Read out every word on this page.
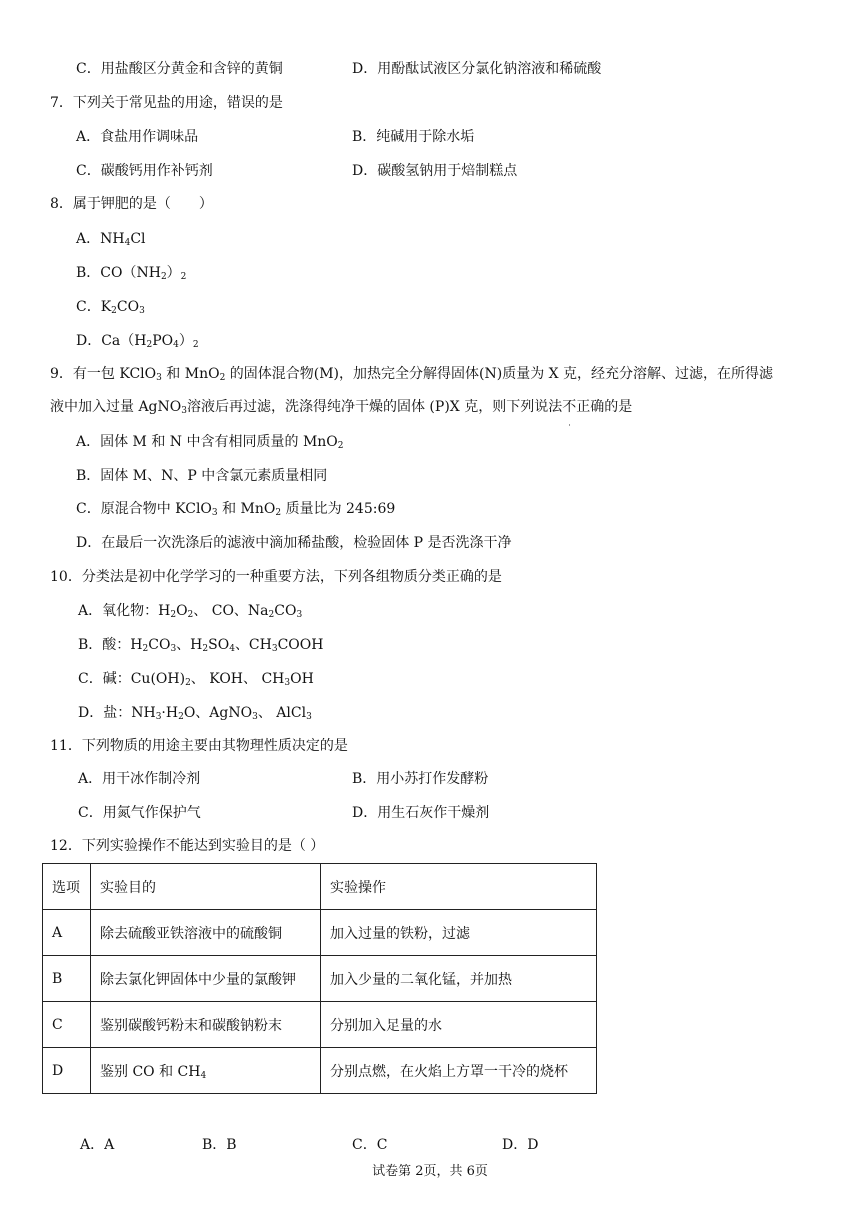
C．用盐酸区分黄金和含锌的黄铜	D．用酚酞试液区分氯化钠溶液和稀硫酸
7．下列关于常见盐的用途，错误的是
A．食盐用作调味品	B．纯碱用于除水垢
C．碳酸钙用作补钙剂	D．碳酸氢钠用于焙制糕点
8．属于钾肥的是（　　）
A．$NH_4Cl$
B．$CO(NH_2)_2$
C．$K_2CO_3$
D．$Ca(H_2PO_4)_2$
9．有一包 KClO$_3$ 和 MnO$_2$ 的固体混合物(M)，加热完全分解得固体(N)质量为 X 克，经充分溶解、过滤，在所得滤
液中加入过量 AgNO$_3$溶液后再过滤，洗涤得纯净干燥的固体 (P)X 克，则下列说法不
·
正确的是
A．固体 M 和 N 中含有相同质量的 MnO$_2$
B．固体 M、N、P 中含氯元素质量相同
C．原混合物中 KClO$_3$ 和 MnO$_2$ 质量比为 245:69
D．在最后一次洗涤后的滤液中滴加稀盐酸，检验固体 P 是否洗涤干净
10．分类法是初中化学学习的一种重要方法，下列各组物质分类正确的是
A．氧化物：$H_2O_2$、 CO、$Na_2CO_3$
B．酸：$H_2CO_3$、$H_2SO_4$、$CH_3COOH$
C．碱：$Cu(OH)_2$、 KOH、 $CH_3OH$
D．盐：$NH_3\cdot H_2O$、AgNO$_3$、 AlCl$_3$
11．下列物质的用途主要由其物理性质决定的是
A．用干冰作制冷剂	B．用小苏打作发酵粉
C．用氮气作保护气	D．用生石灰作干燥剂
12．下列实验操作不能达到实验目的是（ ）
选项	实验目的	实验操作
A	除去硫酸亚铁溶液中的硫酸铜	加入过量的铁粉，过滤
B	除去氯化钾固体中少量的氯酸钾	加入少量的二氧化锰，并加热
C	鉴别碳酸钙粉末和碳酸钠粉末	分别加入足量的水
D	鉴别 CO 和 $CH_4$	分别点燃，在火焰上方罩一干冷的烧杯
A．A	B．B	C．C	D．D
试卷第 2页，共 6页
